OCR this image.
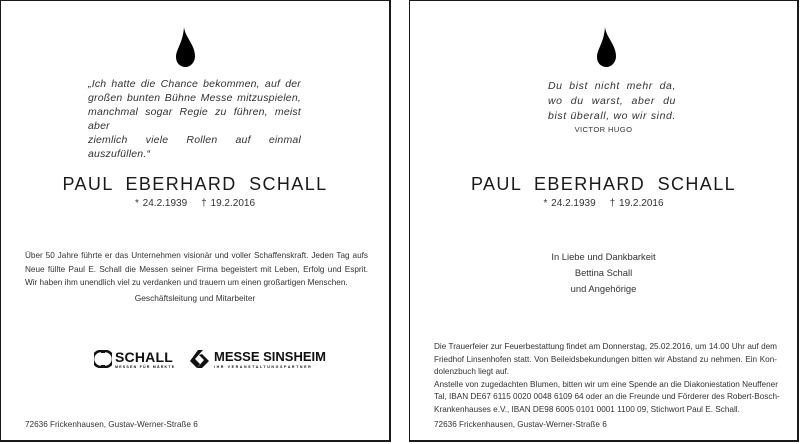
„Ich hatte die Chance bekommen, auf der
großen bunten Bühne Messe mitzuspielen,
manchmal sogar Regie zu führen, meist aber
ziemlich viele Rollen auf einmal auszufüllen.“
PAUL EBERHARD SCHALL
* 24.2.1939 † 19.2.2016
Über 50 Jahre führte er das Unternehmen visionär und voller Schaffenskraft. Jeden Tag aufs
Neue füllte Paul E. Schall die Messen seiner Firma begeistert mit Leben, Erfolg und Esprit.
Wir haben ihm unendlich viel zu verdanken und trauern um einen großartigen Menschen.
Geschäftsleitung und Mitarbeiter
SCHALL
MESSEN FÜR MÄRKTE
MESSE SINSHEIM
IHR VERANSTALTUNGSPARTNER
72636 Frickenhausen, Gustav-Werner-Straße 6
Du bist nicht mehr da,
wo du warst, aber du
bist überall, wo wir sind.
VICTOR HUGO
PAUL EBERHARD SCHALL
* 24.2.1939 † 19.2.2016
In Liebe und Dankbarkeit
Bettina Schall
und Angehörige
Die Trauerfeier zur Feuerbestattung findet am Donnerstag, 25.02.2016, um 14.00 Uhr auf dem
Friedhof Linsenhofen statt. Von Beileidsbekundungen bitten wir Abstand zu nehmen. Ein Kon-
dolenzbuch liegt auf.
Anstelle von zugedachten Blumen, bitten wir um eine Spende an die Diakoniestation Neuffener
Tal, IBAN DE67 6115 0020 0048 6109 64 oder an die Freunde und Förderer des Robert-Bosch-
Krankenhauses e.V., IBAN DE98 6005 0101 0001 1100 09, Stichwort Paul E. Schall.
72636 Frickenhausen, Gustav-Werner-Straße 6
